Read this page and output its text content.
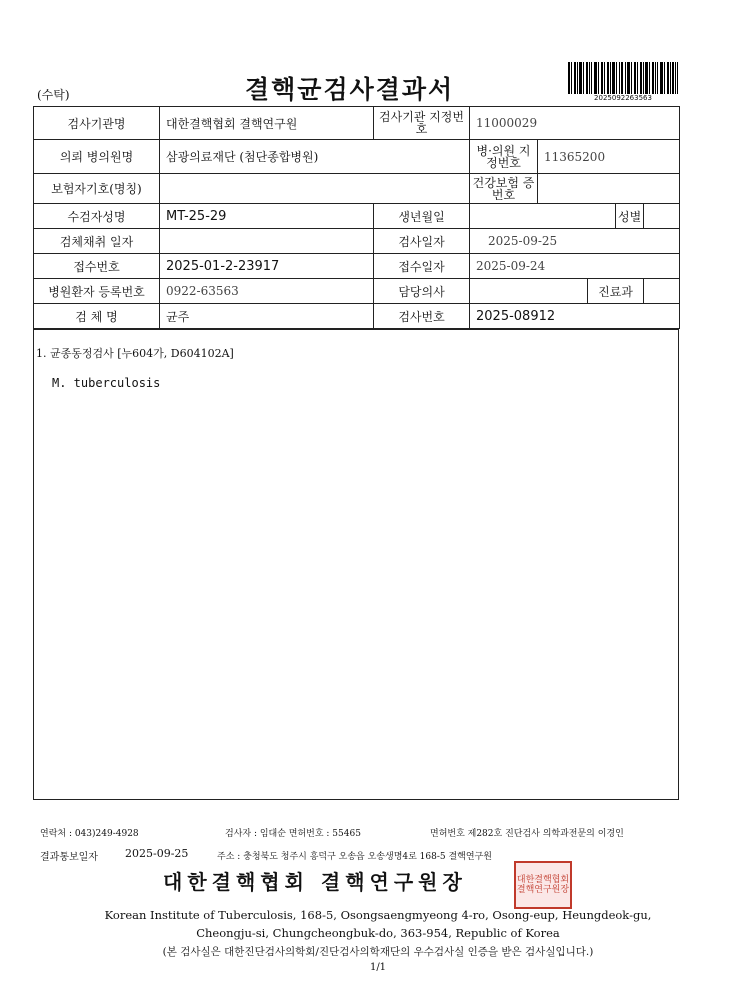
(수탁)	결핵균검사결과서	2025092263563
검사기관명	대한결핵협회 결핵연구원	검사기관 지정번호	11000029				
의뢰 병의원명	삼광의료재단 (첨단종합병원)		병·의원 지정번호	11365200			
보험자기호(명칭)			건강보험 증번호				
수검자성명	MT-25-29	생년월일				성별	
검체채취 일자		검사일자	2025-09-25				
접수번호	2025-01-2-23917	접수일자	2025-09-24				
병원환자 등록번호	0922-63563	담당의사			진료과		
검 체 명	균주	검사번호	2025-08912				
1. 균종동정검사 [누604가, D604102A]
M. tuberculosis
연락처 : 043)249-4928	검사자 : 임대순 면허번호 : 55465	면허번호 제282호 진단검사 의학과전문의 이경인
결과통보일자 2025-09-25	주소 : 충청북도 청주시 흥덕구 오송읍 오송생명4로 168-5 결핵연구원
대한결핵협회 결핵연구원장	대한결핵협회결핵연구원장
Korean Institute of Tuberculosis, 168-5, Osongsaengmyeong 4-ro, Osong-eup, Heungdeok-gu,
Cheongju-si, Chungcheongbuk-do, 363-954, Republic of Korea
(본 검사실은 대한진단검사의학회/진단검사의학재단의 우수검사실 인증을 받은 검사실입니다.)
1/1
